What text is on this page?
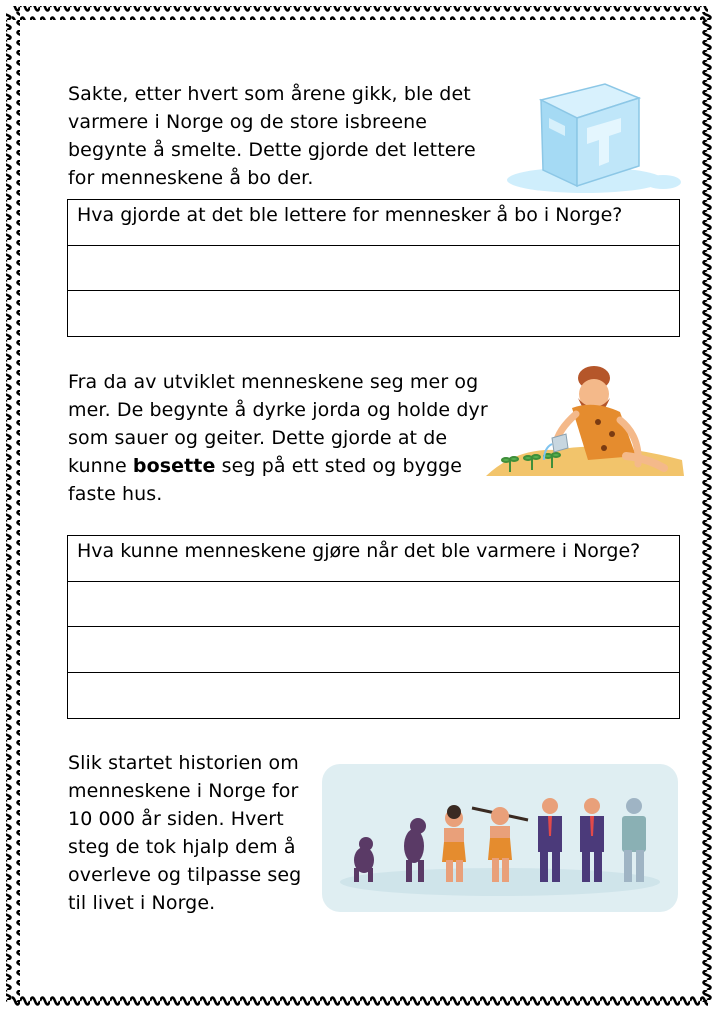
Sakte, etter hvert som årene gikk, ble det

varmere i Norge og de store isbreene

begynte å smelte. Dette gjorde det lettere

for menneskene å bo der.

Hva gjorde at det ble lettere for mennesker å bo i Norge?

Fra da av utviklet menneskene seg mer og

mer. De begynte å dyrke jorda og holde dyr

som sauer og geiter. Dette gjorde at de

kunne bosette seg på ett sted og bygge

faste hus.

Hva kunne menneskene gjøre når det ble varmere i Norge?

Slik startet historien om

menneskene i Norge for

10 000 år siden. Hvert

steg de tok hjalp dem å

overleve og tilpasse seg

til livet i Norge.
